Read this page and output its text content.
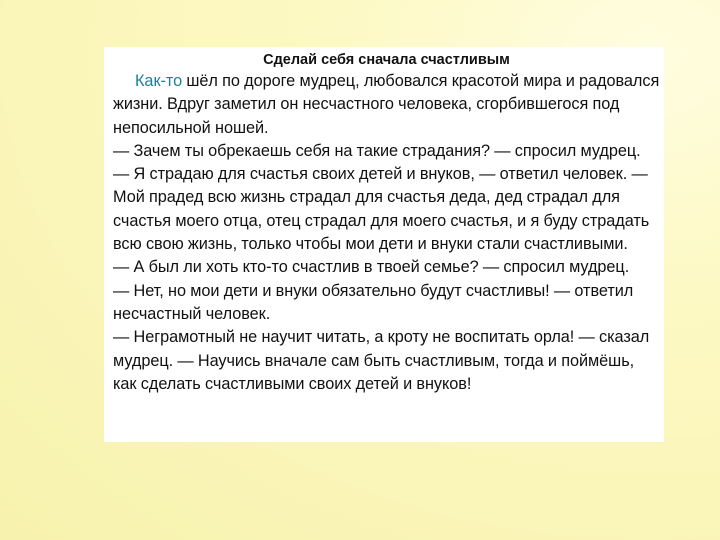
Сделай себя сначала счастливым

Как-то шёл по дороге мудрец, любовался красотой мира и радовался жизни. Вдруг заметил он несчастного человека, сгорбившегося под непосильной ношей.

— Зачем ты обрекаешь себя на такие страдания? — спросил мудрец.

— Я страдаю для счастья своих детей и внуков, — ответил человек. — Мой прадед всю жизнь страдал для счастья деда, дед страдал для счастья моего отца, отец страдал для моего счастья, и я буду страдать всю свою жизнь, только чтобы мои дети и внуки стали счастливыми.

— А был ли хоть кто-то счастлив в твоей семье? — спросил мудрец.

— Нет, но мои дети и внуки обязательно будут счастливы! — ответил несчастный человек.

— Неграмотный не научит читать, а кроту не воспитать орла! — сказал мудрец. — Научись вначале сам быть счастливым, тогда и поймёшь, как сделать счастливыми своих детей и внуков!
